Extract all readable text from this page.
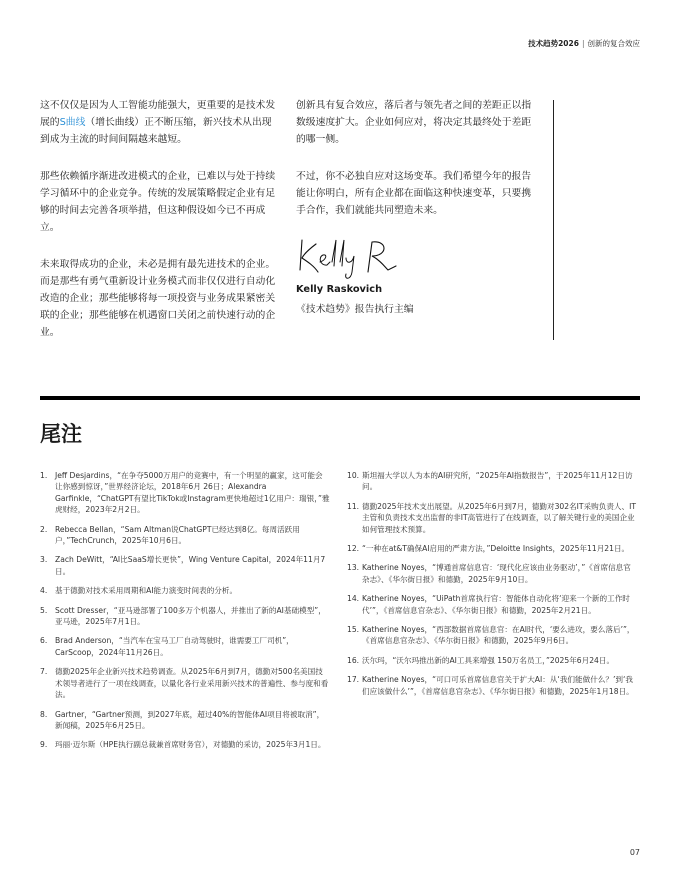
技术趋势2026 | 创新的复合效应

这不仅仅是因为人工智能功能强大，更重要的是技术发展的S曲线（增长曲线）正不断压缩，新兴技术从出现到成为主流的时间间隔越来越短。

那些依赖循序渐进改进模式的企业，已难以与处于持续学习循环中的企业竞争。传统的发展策略假定企业有足够的时间去完善各项举措，但这种假设如今已不再成立。

未来取得成功的企业，未必是拥有最先进技术的企业。而是那些有勇气重新设计业务模式而非仅仅进行自动化改造的企业；那些能够将每一项投资与业务成果紧密关联的企业；那些能够在机遇窗口关闭之前快速行动的企业。

创新具有复合效应，落后者与领先者之间的差距正以指数级速度扩大。企业如何应对，将决定其最终处于差距的哪一侧。

不过，你不必独自应对这场变革。我们希望今年的报告能让你明白，所有企业都在面临这种快速变革，只要携手合作，我们就能共同塑造未来。

Kelly Raskovich
《技术趋势》报告执行主编
尾注
1.	Jeff Desjardins，“在争夺5000万用户的竞赛中，有一个明显的赢家，这可能会让你感到惊讶，”世界经济论坛，2018年6月 26日；Alexandra Garfinkle，“ChatGPT有望比TikTok或Instagram更快地超过1亿用户：瑞银，”雅虎财经，2023年2月2日。
2.	Rebecca Bellan，“Sam Altman说ChatGPT已经达到8亿。每周活跃用户，”TechCrunch，2025年10月6日。
3.	Zach DeWitt，“AI比SaaS增长更快”，Wing Venture Capital，2024年11月7日。
4.	基于德勤对技术采用周期和AI能力演变时间表的分析。
5.	Scott Dresser，“亚马逊部署了100多万个机器人，并推出了新的AI基础模型”，亚马逊，2025年7月1日。
6.	Brad Anderson，“当汽车在宝马工厂自动驾驶时，谁需要工厂司机”，CarScoop，2024年11月26日。
7.	德勤2025年企业新兴技术趋势调查。从2025年6月到7月，德勤对500名美国技术领导者进行了一项在线调查，以量化各行业采用新兴技术的普遍性、参与度和看法。
8.	Gartner，“Gartner预测，到2027年底，超过40%的智能体AI项目将被取消”，新闻稿，2025年6月25日。
9.	玛丽·迈尔斯（HPE执行副总裁兼首席财务官），对德勤的采访，2025年3月1日。
10. 斯坦福大学以人为本的AI研究所，“2025年AI指数报告”，于2025年11月12日访问。
11. 德勤2025年技术支出展望。从2025年6月到7月，德勤对302名IT采购负责人、IT主管和负责技术支出监督的非IT高管进行了在线调查，以了解关键行业的美国企业如何管理技术预算。
12. “一种在at&T确保AI启用的严肃方法，”Deloitte Insights，2025年11月21日。
13. Katherine Noyes，“博通首席信息官：‘现代化应该由业务驱动’，”《首席信息官杂志》、《华尔街日报》和德勤，2025年9月10日。
14. Katherine Noyes，“UiPath首席执行官：智能体自动化将‘迎来一个新的工作时代’”，《首席信息官杂志》、《华尔街日报》和德勤，2025年2月21日。
15. Katherine Noyes，“西部数据首席信息官：在AI时代，‘要么进攻，要么落后’”，《首席信息官杂志》、《华尔街日报》和德勤，2025年9月6日。
16. 沃尔玛，“沃尔玛推出新的AI工具来增强 150万名员工，”2025年6月24日。
17. Katherine Noyes，“可口可乐首席信息官关于扩大AI：从‘我们能做什么？’到‘我们应该做什么’”，《首席信息官杂志》、《华尔街日报》和德勤，2025年1月18日。
07
